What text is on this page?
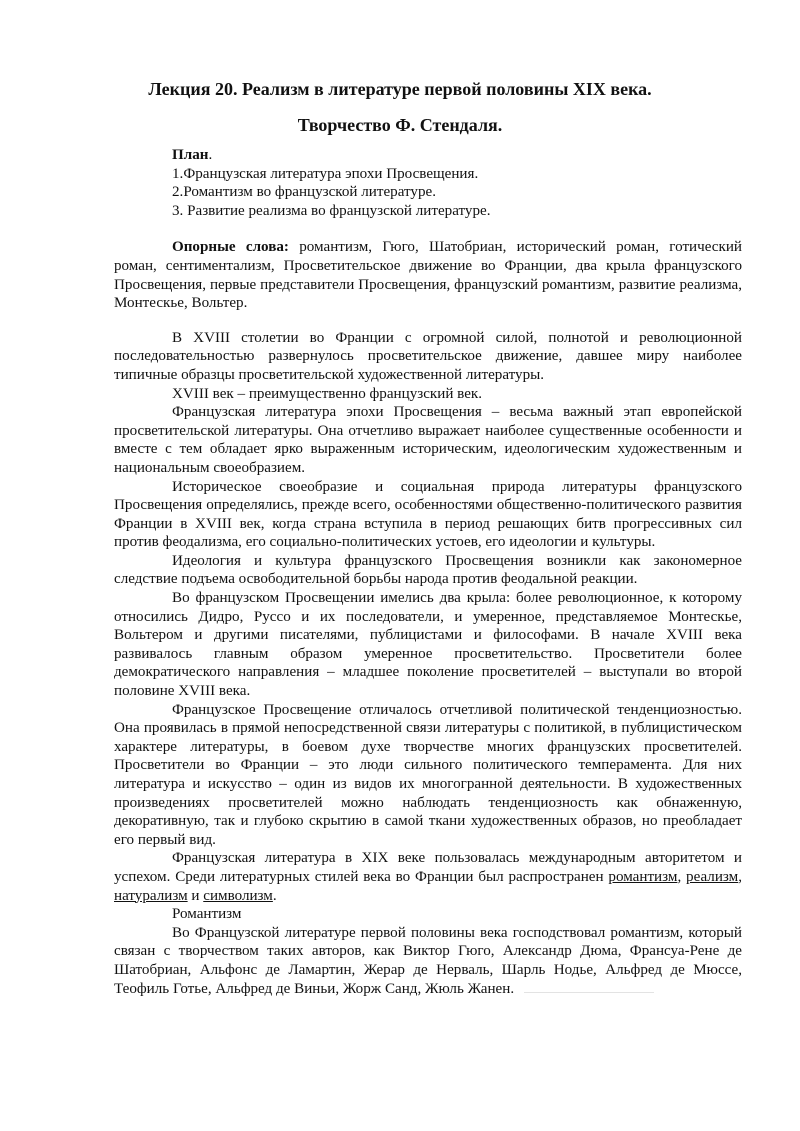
Лекция 20. Реализм в литературе первой половины XIX века.
Творчество Ф. Стендаля.

План.

1.Французская литература эпохи Просвещения.

2.Романтизм во французской литературе.

3. Развитие реализма во французской литературе.

Опорные слова: романтизм, Гюго, Шатобриан, исторический роман, готический роман, сентиментализм, Просветительское движение во Франции, два крыла французского Просвещения, первые представители Просвещения, французский романтизм, развитие реализма, Монтескье, Вольтер.

В XVIII столетии во Франции с огромной силой, полнотой и революционной последовательностью развернулось просветительское движение, давшее миру наиболее типичные образцы просветительской художественной литературы.

XVIII век – преимущественно французский век.

Французская литература эпохи Просвещения – весьма важный этап европейской просветительской литературы. Она отчетливо выражает наиболее существенные особенности и вместе с тем обладает ярко выраженным историческим, идеологическим художественным и национальным своеобразием.

Историческое своеобразие и социальная природа литературы французского Просвещения определялись, прежде всего, особенностями общественно-политического развития Франции в XVIII век, когда страна вступила в период решающих битв прогрессивных сил против феодализма, его социально-политических устоев, его идеологии и культуры.

Идеология и культура французского Просвещения возникли как закономерное следствие подъема освободительной борьбы народа против феодальной реакции.

Во французском Просвещении имелись два крыла: более революционное, к которому относились Дидро, Руссо и их последователи, и умеренное, представляемое Монтескье, Вольтером и другими писателями, публицистами и философами. В начале XVIII века развивалось главным образом умеренное просветительство. Просветители более демократического направления – младшее поколение просветителей – выступали во второй половине XVIII века.

Французское Просвещение отличалось отчетливой политической тенденциозностью. Она проявилась в прямой непосредственной связи литературы с политикой, в публицистическом характере литературы, в боевом духе творчестве многих французских просветителей. Просветители во Франции – это люди сильного политического темперамента. Для них литература и искусство – один из видов их многогранной деятельности. В художественных произведениях просветителей можно наблюдать тенденциозность как обнаженную, декоративную, так и глубоко скрытию в самой ткани художественных образов, но преобладает его первый вид.

Французская литература в XIX веке пользовалась международным авторитетом и успехом. Среди литературных стилей века во Франции был распространен романтизм, реализм, натурализм и символизм.

Романтизм

Во Французской литературе первой половины века господствовал романтизм, который связан с творчеством таких авторов, как Виктор Гюго, Александр Дюма, Франсуа-Рене де Шатобриан, Альфонс де Ламартин, Жерар де Нерваль, Шарль Нодье, Альфред де Мюссе, Теофиль Готье, Альфред де Виньи, Жорж Санд, Жюль Жанен.
